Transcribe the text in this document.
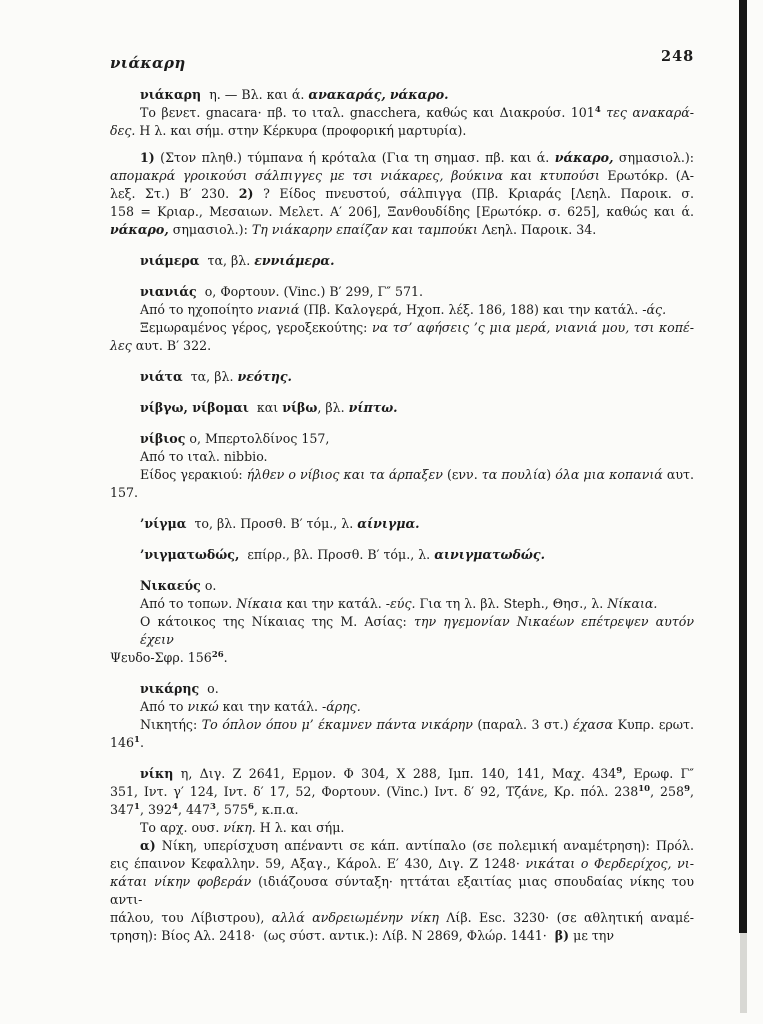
νιάκαρη	248
νιάκαρη  η. — Βλ. και ά. ανακαράς, νάκαρο.
Το βενετ. gnacara· πβ. το ιταλ. gnacchera, καθώς και Διακρούσ. $101^4$ τες ανακαρά-
δες. Η λ. και σήμ. στην Κέρκυρα (προφορική μαρτυρία).
1) (Στον πληθ.) τύμπανα ή κρόταλα (Για τη σημασ. πβ. και ά. νάκαρο, σημασιολ.):
απομακρά γροικούσι σάλπιγγες με τσι νιάκαρες, βούκινα και κτυπούσι Ερωτόκρ. (Α-
λεξ. Στ.) Β′ 230. 2) ? Είδος πνευστού, σάλπιγγα (Πβ. Κριαράς [Λεηλ. Παροικ. σ.
158 = Κριαρ., Μεσαιων. Μελετ. Α′ 206], Ξανθουδίδης [Ερωτόκρ. σ. 625], καθώς και ά.
νάκαρο, σημασιολ.): Τη νιάκαρην επαίζαν και ταμπούκι Λεηλ. Παροικ. 34.
νιάμερα  τα, βλ. εννιάμερα.
νιανιάς  ο, Φορτουν. (Vinc.) Β′ 299, Γ″ 571.
Από το ηχοποίητο νιανιά (Πβ. Καλογερά, Ηχοπ. λέξ. 186, 188) και την κατάλ. -άς.
Ξεμωραμένος γέρος, γεροξεκούτης: να τσ’ αφήσεις ’ς μια μερά, νιανιά μου, τσι κοπέ-
λες αυτ. Β′ 322.
νιάτα  τα, βλ. νεότης.
νίβγω, νίβομαι  και νίβω, βλ. νίπτω.
νίβιος ο, Μπερτολδίνος 157,
Από το ιταλ. nibbio.
Είδος γερακιού: ήλθεν ο νίβιος και τα άρπαξεν (ενν. τα πουλία) όλα μια κοπανιά αυτ.
157.
’νίγμα  το, βλ. Προσθ. Β′ τόμ., λ. αίνιγμα.
’νιγματωδώς,  επίρρ., βλ. Προσθ. Β′ τόμ., λ. αινιγματωδώς.
Νικαεύς ο.
Από το τοπων. Νίκαια και την κατάλ. -εύς. Για τη λ. βλ. Steph., Θησ., λ. Νίκαια.
Ο κάτοικος της Νίκαιας της Μ. Ασίας: την ηγεμονίαν Νικαέων επέτρεψεν αυτόν έχειν
Ψευδο-Σφρ. $156^{26}$.
νικάρης  ο.
Από το νικώ και την κατάλ. -άρης.
Νικητής: Το όπλον όπου μ’ έκαμνεν πάντα νικάρην (παραλ. 3 στ.) έχασα Κυπρ. ερωτ.
$146^1$.
νίκη η, Διγ. Ζ 2641, Ερμον. Φ 304, Χ 288, Ιμπ. 140, 141, Μαχ. $434^9$, Ερωφ. Γ″
351, Ιντ. γ′ 124, Ιντ. δ′ 17, 52, Φορτουν. (Vinc.) Ιντ. δ′ 92, Τζάνε, Κρ. πόλ. $238^{10}$, $258^9$,
$347^1$, $392^4$, $447^3$, $575^6$, κ.π.α.
Το αρχ. ουσ. νίκη. Η λ. και σήμ.
α) Νίκη, υπερίσχυση απέναντι σε κάπ. αντίπαλο (σε πολεμική αναμέτρηση): Πρόλ.
εις έπαινον Κεφαλλην. 59, Αξαγ., Κάρολ. Ε′ 430, Διγ. Ζ 1248· νικάται ο Φερδερίχος, νι-
κάται νίκην φοβεράν (ιδιάζουσα σύνταξη· ηττάται εξαιτίας μιας σπουδαίας νίκης του αντι-
πάλου, του Λίβιστρου), αλλά ανδρειωμένην νίκη Λίβ. Esc. 3230· (σε αθλητική αναμέ-
τρηση): Βίος Αλ. 2418·  (ως σύστ. αντικ.): Λίβ. Ν 2869, Φλώρ. 1441·  β) με την
